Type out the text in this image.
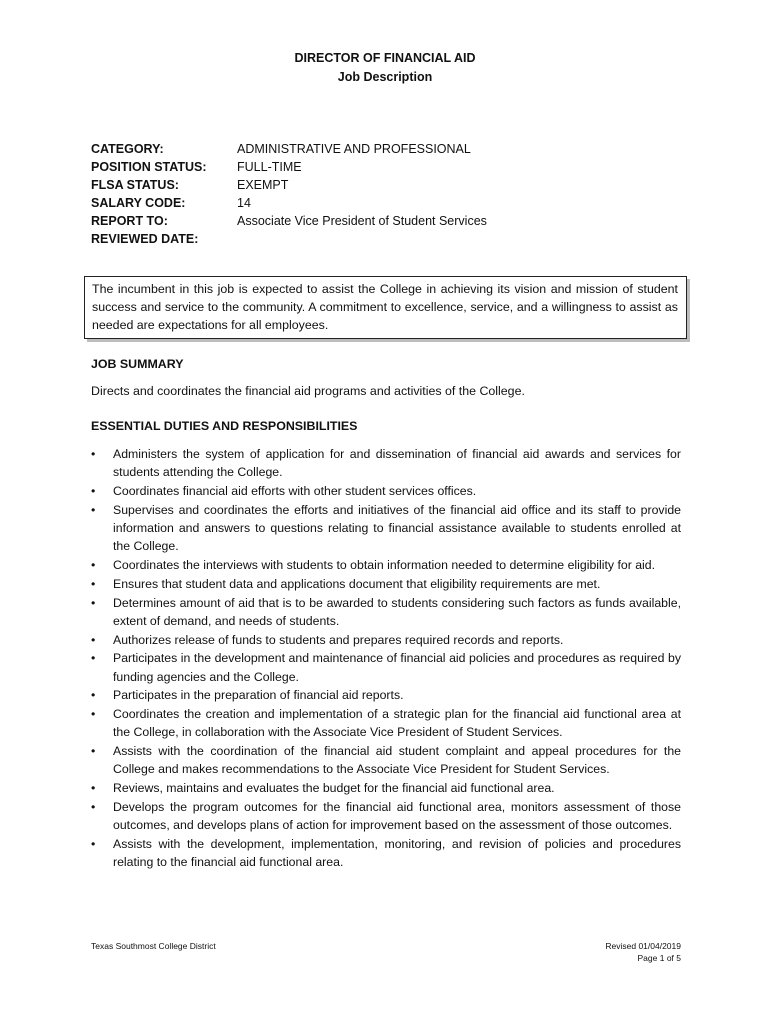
DIRECTOR OF FINANCIAL AID
Job Description
CATEGORY:	ADMINISTRATIVE AND PROFESSIONAL
POSITION STATUS:	FULL-TIME
FLSA STATUS:	EXEMPT
SALARY CODE:	14
REPORT TO:	Associate Vice President of Student Services
REVIEWED DATE:
The incumbent in this job is expected to assist the College in achieving its vision and mission of student success and service to the community. A commitment to excellence, service, and a willingness to assist as needed are expectations for all employees.
JOB SUMMARY
Directs and coordinates the financial aid programs and activities of the College.
ESSENTIAL DUTIES AND RESPONSIBILITIES
• Administers the system of application for and dissemination of financial aid awards and services for students attending the College.
• Coordinates financial aid efforts with other student services offices.
• Supervises and coordinates the efforts and initiatives of the financial aid office and its staff to provide information and answers to questions relating to financial assistance available to students enrolled at the College.
• Coordinates the interviews with students to obtain information needed to determine eligibility for aid.
• Ensures that student data and applications document that eligibility requirements are met.
• Determines amount of aid that is to be awarded to students considering such factors as funds available, extent of demand, and needs of students.
• Authorizes release of funds to students and prepares required records and reports.
• Participates in the development and maintenance of financial aid policies and procedures as required by funding agencies and the College.
• Participates in the preparation of financial aid reports.
• Coordinates the creation and implementation of a strategic plan for the financial aid functional area at the College, in collaboration with the Associate Vice President of Student Services.
• Assists with the coordination of the financial aid student complaint and appeal procedures for the College and makes recommendations to the Associate Vice President for Student Services.
• Reviews, maintains and evaluates the budget for the financial aid functional area.
• Develops the program outcomes for the financial aid functional area, monitors assessment of those outcomes, and develops plans of action for improvement based on the assessment of those outcomes.
• Assists with the development, implementation, monitoring, and revision of policies and procedures relating to the financial aid functional area.
Texas Southmost College District	Revised 01/04/2019
Page 1 of 5
